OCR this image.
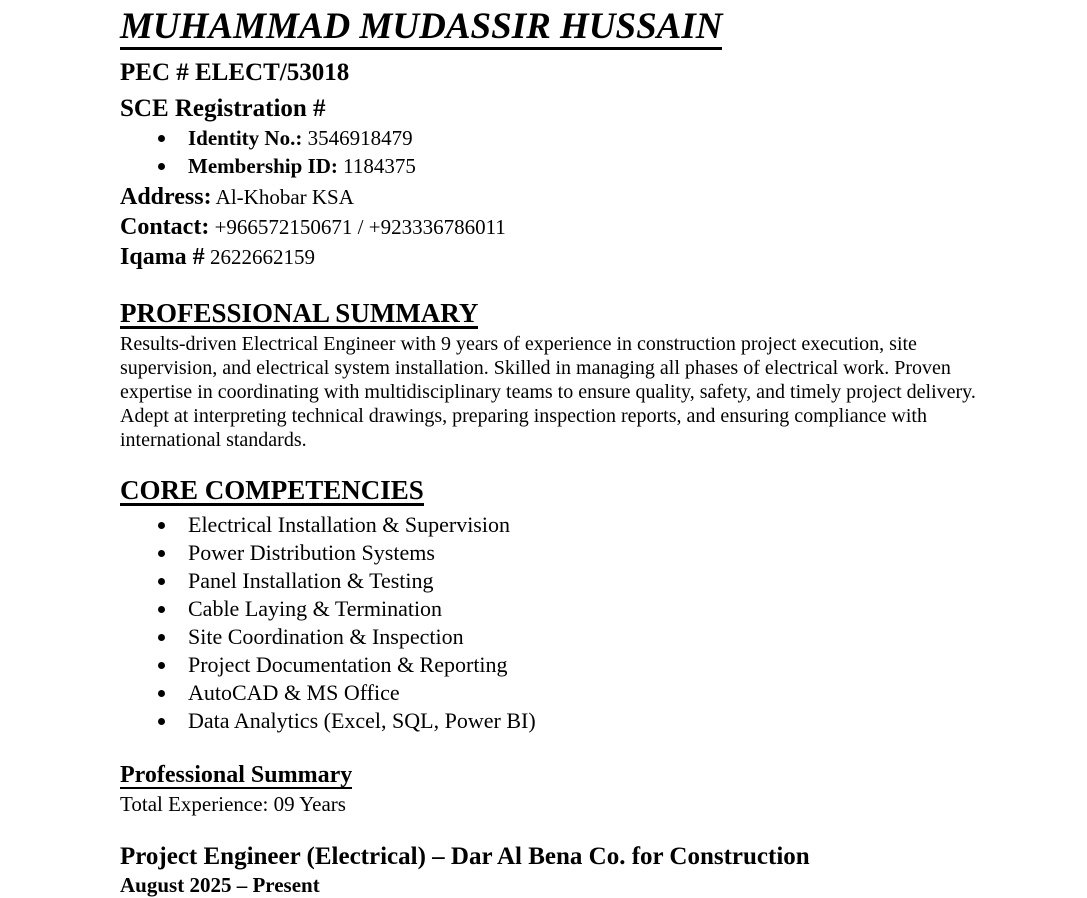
MUHAMMAD MUDASSIR HUSSAIN
PEC # ELECT/53018
SCE Registration #
Identity No.: 3546918479
Membership ID: 1184375
Address: Al-Khobar KSA
Contact: +966572150671 / +923336786011
Iqama # 2622662159
PROFESSIONAL SUMMARY
Results-driven Electrical Engineer with 9 years of experience in construction project execution, site supervision, and electrical system installation. Skilled in managing all phases of electrical work. Proven expertise in coordinating with multidisciplinary teams to ensure quality, safety, and timely project delivery. Adept at interpreting technical drawings, preparing inspection reports, and ensuring compliance with international standards.
CORE COMPETENCIES
Electrical Installation & Supervision
Power Distribution Systems
Panel Installation & Testing
Cable Laying & Termination
Site Coordination & Inspection
Project Documentation & Reporting
AutoCAD & MS Office
Data Analytics (Excel, SQL, Power BI)
Professional Summary
Total Experience: 09 Years
Project Engineer (Electrical) – Dar Al Bena Co. for Construction
August 2025 – Present
